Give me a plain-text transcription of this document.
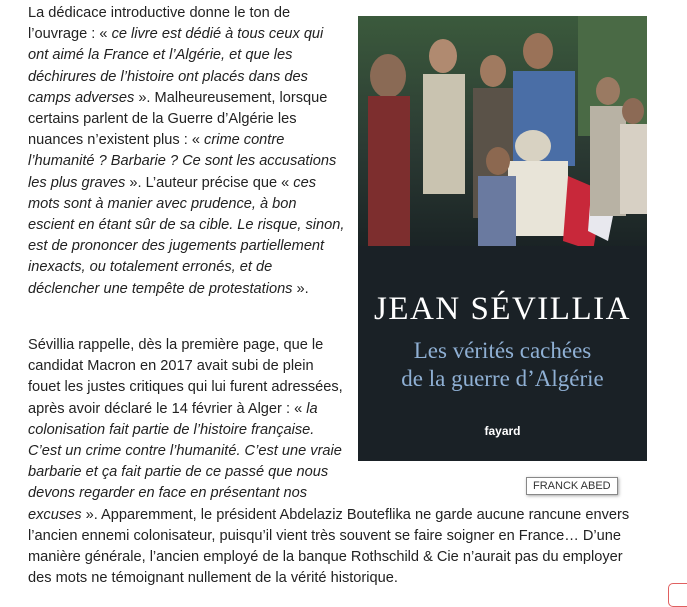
La dédicace introductive donne le ton de l’ouvrage : « ce livre est dédié à tous ceux qui ont aimé la France et l’Algérie, et que les déchirures de l’histoire ont placés dans des camps adverses ». Malheureusement, lorsque certains parlent de la Guerre d’Algérie les nuances n’existent plus : « crime contre l’humanité ? Barbarie ? Ce sont les accusations les plus graves ». L’auteur précise que « ces mots sont à manier avec prudence, à bon escient en étant sûr de sa cible. Le risque, sinon, est de prononcer des jugements partiellement inexacts, ou totalement erronés, et de déclencher une tempête de protestations ».

Sévillia rappelle, dès la première page, que le candidat Macron en 2017 avait subi de plein fouet les justes critiques qui lui furent adressées, après avoir déclaré le 14 février à Alger : « la colonisation fait partie de l’histoire française. C’est un crime contre l’humanité. C’est une vraie barbarie et ça fait partie de ce passé que nous devons regarder en face en présentant nos excuses ». Apparemment, le président Abdelaziz Bouteflika ne garde aucune rancune envers l’ancien ennemi colonisateur, puisqu’il vient très souvent se faire soigner en France… D’une manière générale, l’ancien employé de la banque Rothschild & Cie n’aurait pas du employer des mots ne témoignant nullement de la vérité historique.

JEAN SÉVILLIA
Les vérités cachées
de la guerre d’Algérie
fayard
FRANCK ABED
